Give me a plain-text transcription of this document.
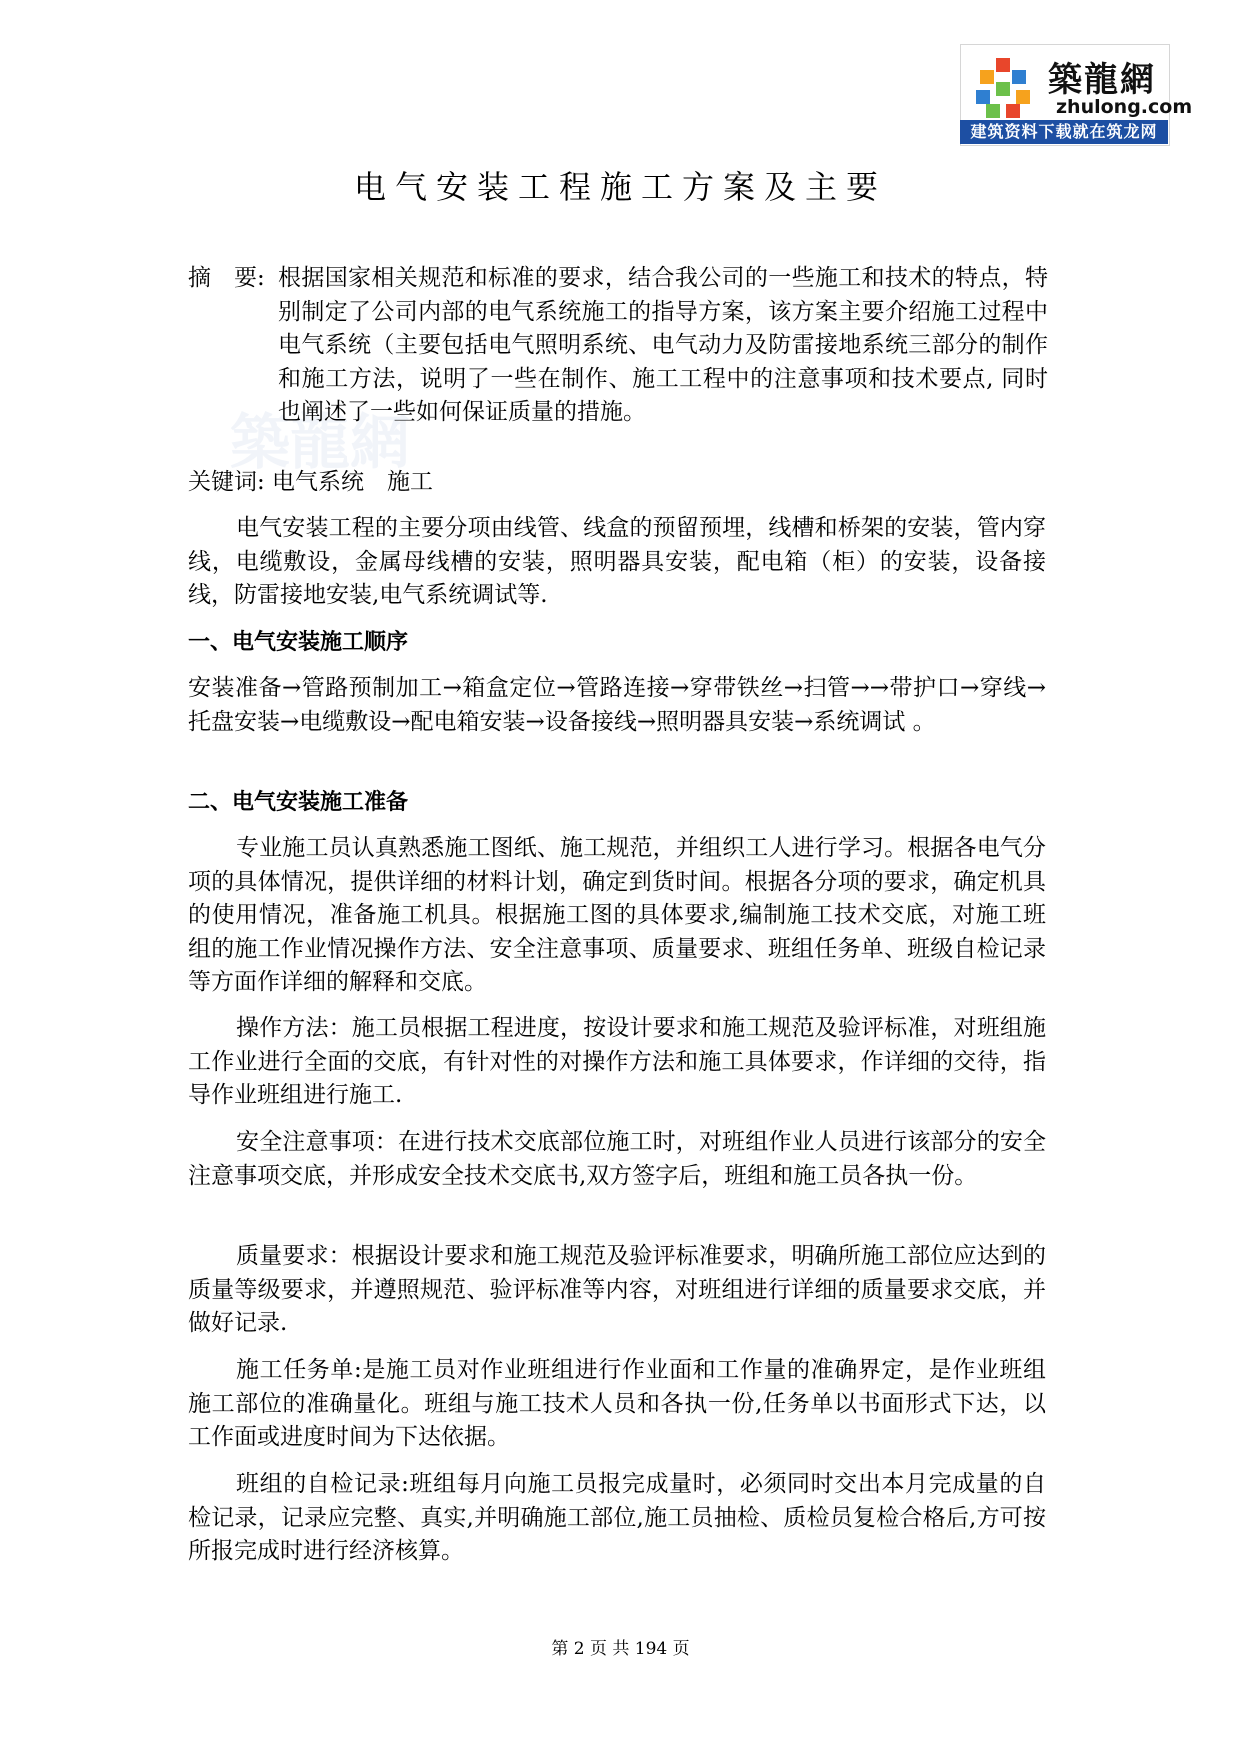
築龍網
築龍網
zhulong.com
建筑资料下载就在筑龙网
电气安装工程施工方案及主要
摘　要: 根据国家相关规范和标准的要求，结合我公司的一些施工和技术的特点，特别制定了公司内部的电气系统施工的指导方案，该方案主要介绍施工过程中电气系统（主要包括电气照明系统、电气动力及防雷接地系统三部分的制作和施工方法，说明了一些在制作、施工工程中的注意事项和技术要点, 同时也阐述了一些如何保证质量的措施。
关键词: 电气系统　施工
电气安装工程的主要分项由线管、线盒的预留预埋，线槽和桥架的安装，管内穿线，电缆敷设，金属母线槽的安装，照明器具安装，配电箱（柜）的安装，设备接线，防雷接地安装,电气系统调试等.
一、电气安装施工顺序
安装准备→管路预制加工→箱盒定位→管路连接→穿带铁丝→扫管→→带护口→穿线→托盘安装→电缆敷设→配电箱安装→设备接线→照明器具安装→系统调试 。
二、电气安装施工准备
专业施工员认真熟悉施工图纸、施工规范，并组织工人进行学习。根据各电气分项的具体情况，提供详细的材料计划，确定到货时间。根据各分项的要求，确定机具的使用情况，准备施工机具。根据施工图的具体要求,编制施工技术交底，对施工班组的施工作业情况操作方法、安全注意事项、质量要求、班组任务单、班级自检记录等方面作详细的解释和交底。
操作方法：施工员根据工程进度，按设计要求和施工规范及验评标准，对班组施工作业进行全面的交底，有针对性的对操作方法和施工具体要求，作详细的交待，指导作业班组进行施工.
安全注意事项：在进行技术交底部位施工时，对班组作业人员进行该部分的安全注意事项交底，并形成安全技术交底书,双方签字后，班组和施工员各执一份。
质量要求：根据设计要求和施工规范及验评标准要求，明确所施工部位应达到的质量等级要求，并遵照规范、验评标准等内容，对班组进行详细的质量要求交底，并做好记录.
施工任务单:是施工员对作业班组进行作业面和工作量的准确界定，是作业班组施工部位的准确量化。班组与施工技术人员和各执一份,任务单以书面形式下达，以工作面或进度时间为下达依据。
班组的自检记录:班组每月向施工员报完成量时，必须同时交出本月完成量的自检记录，记录应完整、真实,并明确施工部位,施工员抽检、质检员复检合格后,方可按所报完成时进行经济核算。
第 2 页 共 194 页
